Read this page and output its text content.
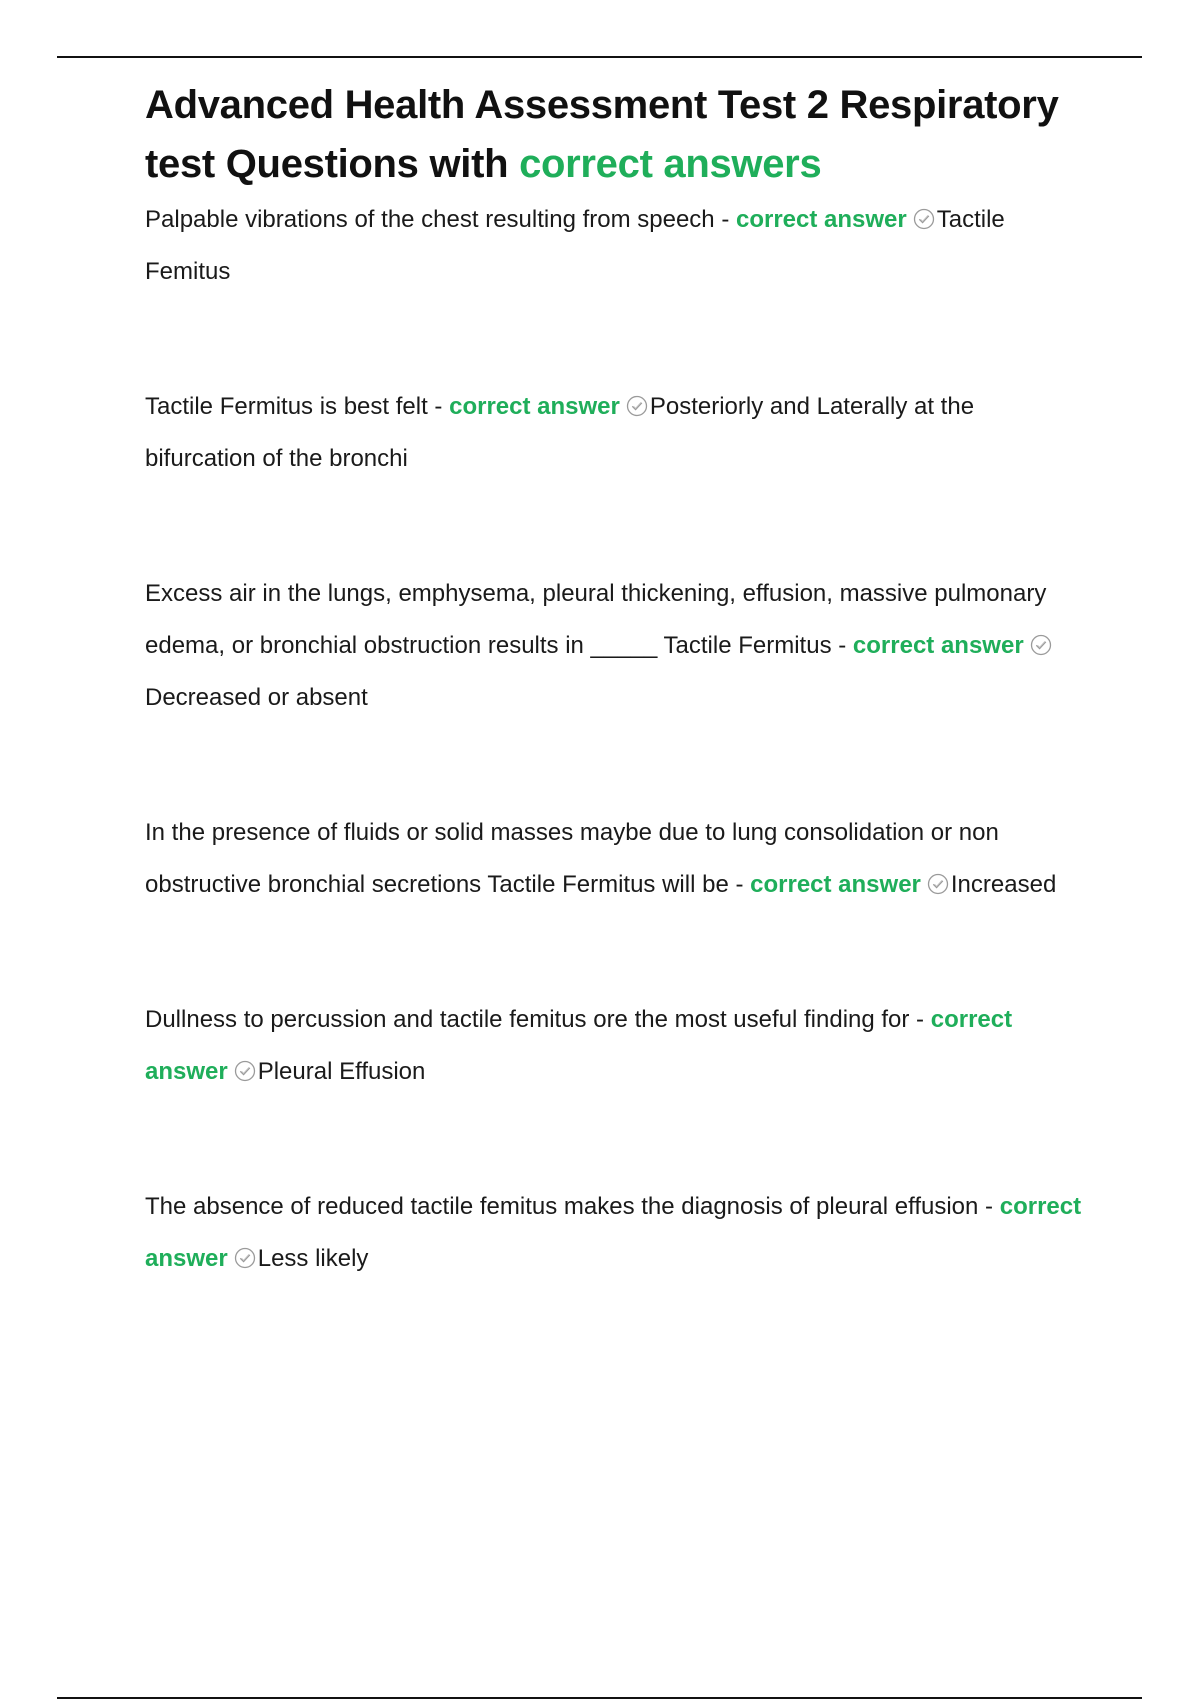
Advanced Health Assessment Test 2 Respiratory test Questions with correct answers

Palpable vibrations of the chest resulting from speech - correct answer Tactile Femitus

Tactile Fermitus is best felt - correct answer Posteriorly and Laterally at the bifurcation of the bronchi

Excess air in the lungs, emphysema, pleural thickening, effusion, massive pulmonary edema, or bronchial obstruction results in _____ Tactile Fermitus - correct answer
Decreased or absent

In the presence of fluids or solid masses maybe due to lung consolidation or non obstructive bronchial secretions Tactile Fermitus will be - correct answer Increased

Dullness to percussion and tactile femitus ore the most useful finding for - correct answer Pleural Effusion

The absence of reduced tactile femitus makes the diagnosis of pleural effusion - correct answer Less likely
